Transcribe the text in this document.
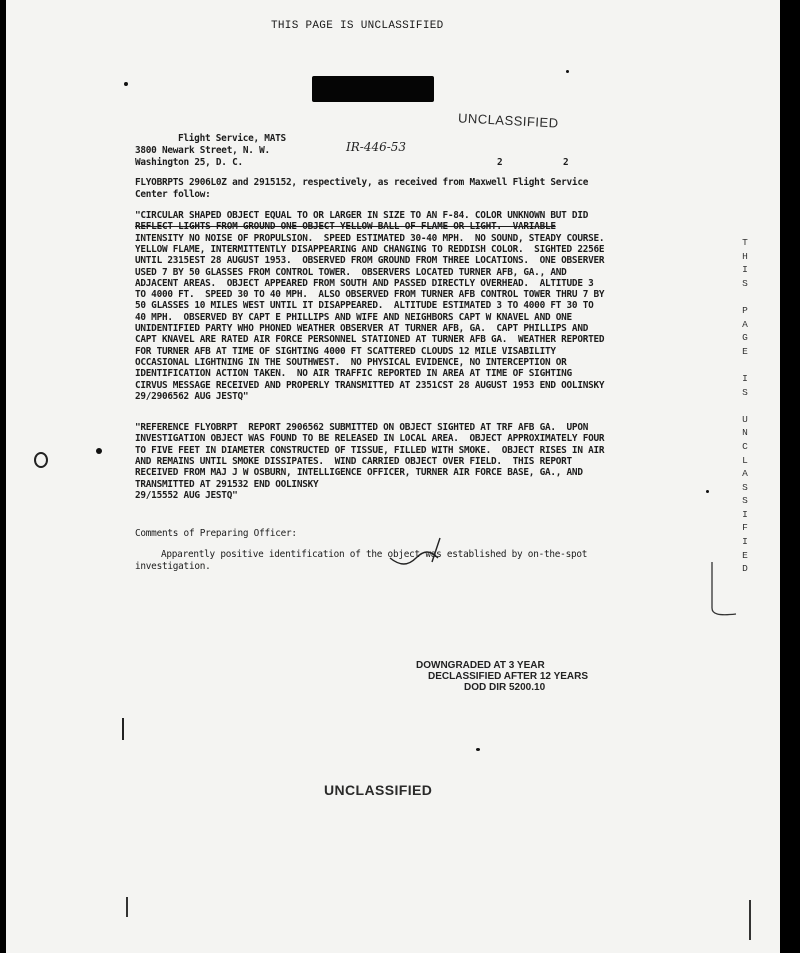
THIS PAGE IS UNCLASSIFIED
UNCLASSIFIED
IR-446-53
Flight Service, MATS
3800 Newark Street, N. W.
Washington 25, D. C.	2	2
FLYOBRPTS 2906L0Z and 2915152, respectively, as received from Maxwell Flight Service
Center follow:
"CIRCULAR SHAPED OBJECT EQUAL TO OR LARGER IN SIZE TO AN F-84. COLOR UNKNOWN BUT DID
REFLECT LIGHTS FROM GROUND ONE OBJECT YELLOW BALL OF FLAME OR LIGHT.  VARIABLE
INTENSITY NO NOISE OF PROPULSION.  SPEED ESTIMATED 30-40 MPH.  NO SOUND, STEADY COURSE.
YELLOW FLAME, INTERMITTENTLY DISAPPEARING AND CHANGING TO REDDISH COLOR.  SIGHTED 2256E
UNTIL 2315EST 28 AUGUST 1953.  OBSERVED FROM GROUND FROM THREE LOCATIONS.  ONE OBSERVER
USED 7 BY 50 GLASSES FROM CONTROL TOWER.  OBSERVERS LOCATED TURNER AFB, GA., AND
ADJACENT AREAS.  OBJECT APPEARED FROM SOUTH AND PASSED DIRECTLY OVERHEAD.  ALTITUDE 3
TO 4000 FT.  SPEED 30 TO 40 MPH.  ALSO OBSERVED FROM TURNER AFB CONTROL TOWER THRU 7 BY
50 GLASSES 10 MILES WEST UNTIL IT DISAPPEARED.  ALTITUDE ESTIMATED 3 TO 4000 FT 30 TO
40 MPH.  OBSERVED BY CAPT E PHILLIPS AND WIFE AND NEIGHBORS CAPT W KNAVEL AND ONE
UNIDENTIFIED PARTY WHO PHONED WEATHER OBSERVER AT TURNER AFB, GA.  CAPT PHILLIPS AND
CAPT KNAVEL ARE RATED AIR FORCE PERSONNEL STATIONED AT TURNER AFB GA.  WEATHER REPORTED
FOR TURNER AFB AT TIME OF SIGHTING 4000 FT SCATTERED CLOUDS 12 MILE VISABILITY
OCCASIONAL LIGHTNING IN THE SOUTHWEST.  NO PHYSICAL EVIDENCE, NO INTERCEPTION OR
IDENTIFICATION ACTION TAKEN.  NO AIR TRAFFIC REPORTED IN AREA AT TIME OF SIGHTING
CIRVUS MESSAGE RECEIVED AND PROPERLY TRANSMITTED AT 2351CST 28 AUGUST 1953 END OOLINSKY
29/2906562 AUG JESTQ"
"REFERENCE FLYOBRPT  REPORT 2906562 SUBMITTED ON OBJECT SIGHTED AT TRF AFB GA.  UPON
INVESTIGATION OBJECT WAS FOUND TO BE RELEASED IN LOCAL AREA.  OBJECT APPROXIMATELY FOUR
TO FIVE FEET IN DIAMETER CONSTRUCTED OF TISSUE, FILLED WITH SMOKE.  OBJECT RISES IN AIR
AND REMAINS UNTIL SMOKE DISSIPATES.  WIND CARRIED OBJECT OVER FIELD.  THIS REPORT
RECEIVED FROM MAJ J W OSBURN, INTELLIGENCE OFFICER, TURNER AIR FORCE BASE, GA., AND
TRANSMITTED AT 291532 END OOLINSKY
29/15552 AUG JESTQ"
Comments of Preparing Officer:
Apparently positive identification of the object was established by on-the-spot
investigation.
T
H
I
S
P
A
G
E
I
S
U
N
C
L
A
S
S
I
F
I
E
D
DOWNGRADED AT 3 YEAR
DECLASSIFIED AFTER 12 YEARS
DOD DIR 5200.10
UNCLASSIFIED
